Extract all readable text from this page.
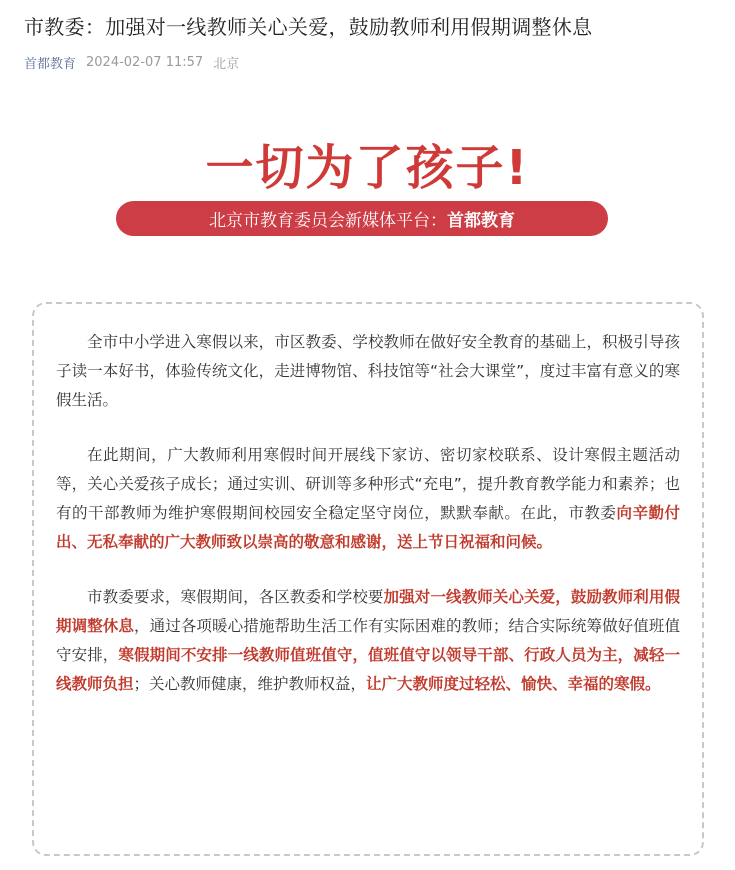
市教委：加强对一线教师关心关爱，鼓励教师利用假期调整休息
首都教育 2024-02-07 11:57 北京
一切为了孩子!
北京市教育委员会新媒体平台： 首都教育

全市中小学进入寒假以来，市区教委、学校教师在做好安全教育的基础上，积极引导孩子读一本好书，体验传统文化，走进博物馆、科技馆等“社会大课堂”，度过丰富有意义的寒假生活。

在此期间，广大教师利用寒假时间开展线下家访、密切家校联系、设计寒假主题活动等，关心关爱孩子成长；通过实训、研训等多种形式“充电”，提升教育教学能力和素养；也有的干部教师为维护寒假期间校园安全稳定坚守岗位，默默奉献。在此，市教委向辛勤付出、无私奉献的广大教师致以崇高的敬意和感谢，送上节日祝福和问候。

市教委要求，寒假期间，各区教委和学校要加强对一线教师关心关爱，鼓励教师利用假期调整休息，通过各项暖心措施帮助生活工作有实际困难的教师；结合实际统筹做好值班值守安排，寒假期间不安排一线教师值班值守，值班值守以领导干部、行政人员为主，减轻一线教师负担；关心教师健康，维护教师权益，让广大教师度过轻松、愉快、幸福的寒假。
